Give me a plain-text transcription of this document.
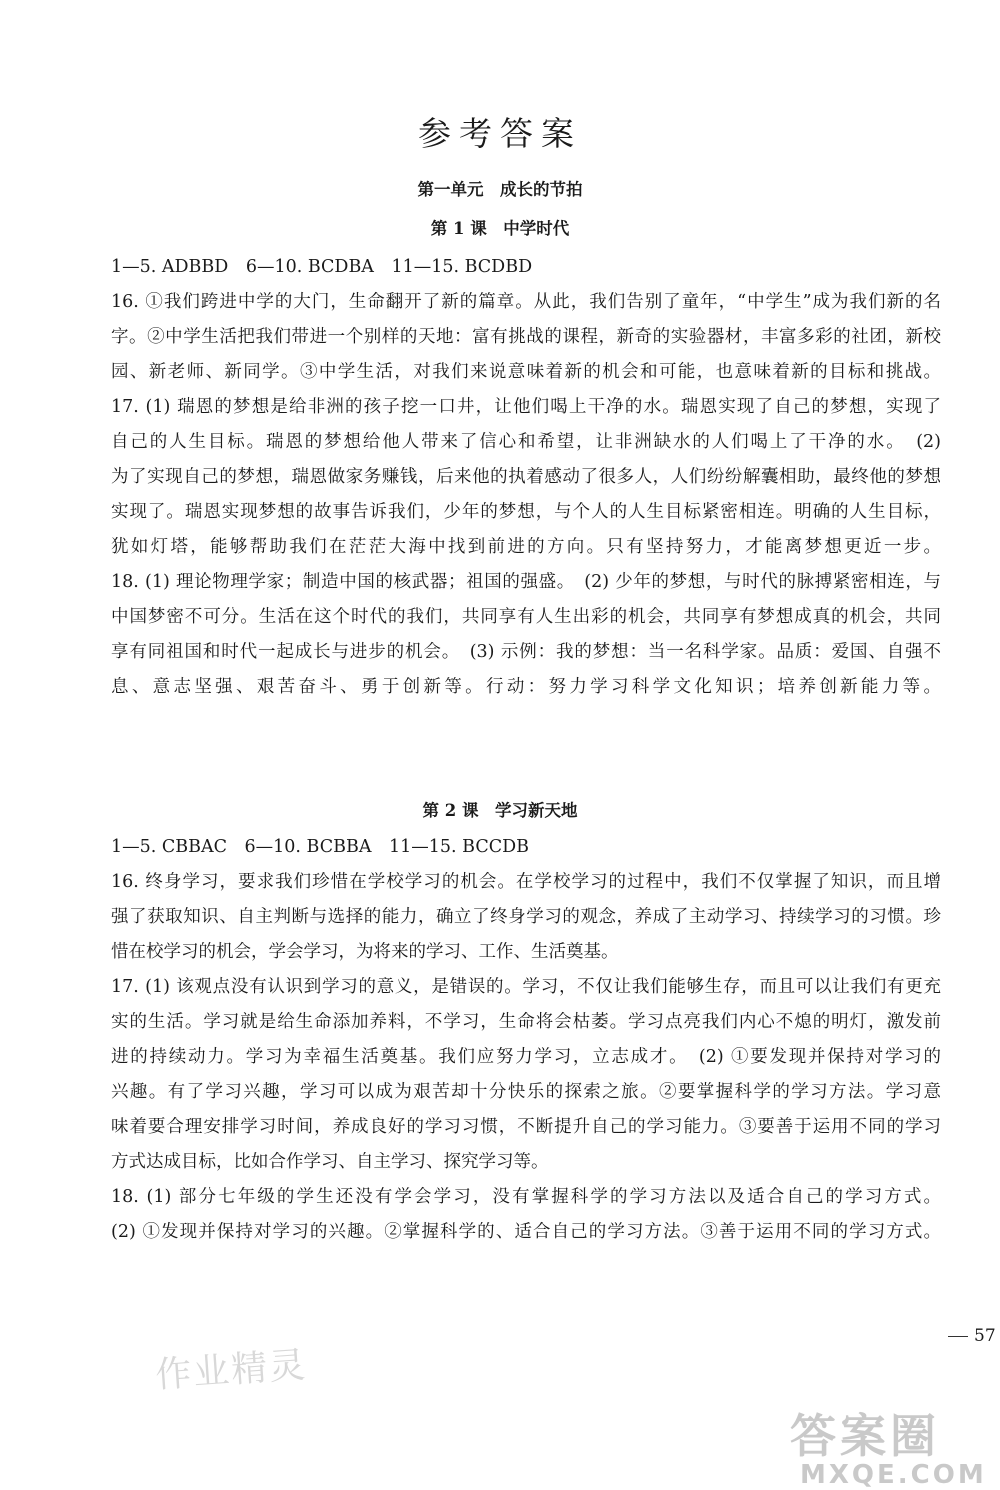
参考答案
第一单元　成长的节拍
第 1 课　中学时代
1—5. ADBBD　6—10. BCDBA　11—15. BCDBD
16. ①我们跨进中学的大门，生命翻开了新的篇章。从此，我们告别了童年，“中学生”成为我们新的名
字。②中学生活把我们带进一个别样的天地：富有挑战的课程，新奇的实验器材，丰富多彩的社团，新校
园、新老师、新同学。③中学生活，对我们来说意味着新的机会和可能，也意味着新的目标和挑战。
17. (1) 瑞恩的梦想是给非洲的孩子挖一口井，让他们喝上干净的水。瑞恩实现了自己的梦想，实现了
自己的人生目标。瑞恩的梦想给他人带来了信心和希望，让非洲缺水的人们喝上了干净的水。　(2)
为了实现自己的梦想，瑞恩做家务赚钱，后来他的执着感动了很多人，人们纷纷解囊相助，最终他的梦想
实现了。瑞恩实现梦想的故事告诉我们，少年的梦想，与个人的人生目标紧密相连。明确的人生目标，
犹如灯塔，能够帮助我们在茫茫大海中找到前进的方向。只有坚持努力，才能离梦想更近一步。
18. (1) 理论物理学家；制造中国的核武器；祖国的强盛。　(2) 少年的梦想，与时代的脉搏紧密相连，与
中国梦密不可分。生活在这个时代的我们，共同享有人生出彩的机会，共同享有梦想成真的机会，共同
享有同祖国和时代一起成长与进步的机会。　(3) 示例：我的梦想：当一名科学家。品质：爱国、自强不
息、意志坚强、艰苦奋斗、勇于创新等。行动：努力学习科学文化知识；培养创新能力等。
第 2 课　学习新天地
1—5. CBBAC　6—10. BCBBA　11—15. BCCDB
16. 终身学习，要求我们珍惜在学校学习的机会。在学校学习的过程中，我们不仅掌握了知识，而且增
强了获取知识、自主判断与选择的能力，确立了终身学习的观念，养成了主动学习、持续学习的习惯。珍
惜在校学习的机会，学会学习，为将来的学习、工作、生活奠基。
17. (1) 该观点没有认识到学习的意义，是错误的。学习，不仅让我们能够生存，而且可以让我们有更充
实的生活。学习就是给生命添加养料，不学习，生命将会枯萎。学习点亮我们内心不熄的明灯，激发前
进的持续动力。学习为幸福生活奠基。我们应努力学习，立志成才。　(2) ①要发现并保持对学习的
兴趣。有了学习兴趣，学习可以成为艰苦却十分快乐的探索之旅。②要掌握科学的学习方法。学习意
味着要合理安排学习时间，养成良好的学习习惯，不断提升自己的学习能力。③要善于运用不同的学习
方式达成目标，比如合作学习、自主学习、探究学习等。
18. (1) 部分七年级的学生还没有学会学习，没有掌握科学的学习方法以及适合自己的学习方式。
(2) ①发现并保持对学习的兴趣。②掌握科学的、适合自己的学习方法。③善于运用不同的学习方式。
57
作业精灵
答案圈
MXQE.COM
